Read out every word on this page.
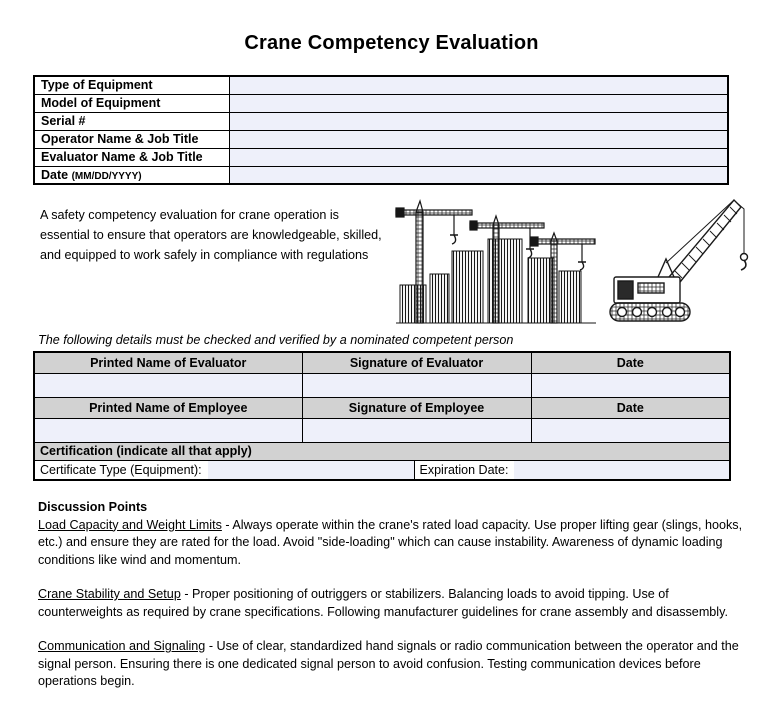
Crane Competency Evaluation
Type of Equipment	
Model of Equipment	
Serial #	
Operator Name & Job Title	
Evaluator Name & Job Title	
Date (MM/DD/YYYY)	

A safety competency evaluation for crane operation is essential to ensure that operators are knowledgeable, skilled, and equipped to work safely in compliance with regulations

The following details must be checked and verified by a nominated competent person

Printed Name of Evaluator	Signature of Evaluator		Date

Printed Name of Employee	Signature of Employee		Date

Certification (indicate all that apply)			

Certificate Type (Equipment):		Expiration Date:	

Discussion Points

Load Capacity and Weight Limits - Always operate within the crane's rated load capacity. Use proper lifting gear (slings, hooks, etc.) and ensure they are rated for the load. Avoid "side-loading" which can cause instability. Awareness of dynamic loading conditions like wind and momentum.

Crane Stability and Setup - Proper positioning of outriggers or stabilizers. Balancing loads to avoid tipping. Use of counterweights as required by crane specifications. Following manufacturer guidelines for crane assembly and disassembly.

Communication and Signaling - Use of clear, standardized hand signals or radio communication between the operator and the signal person. Ensuring there is one dedicated signal person to avoid confusion. Testing communication devices before operations begin.
